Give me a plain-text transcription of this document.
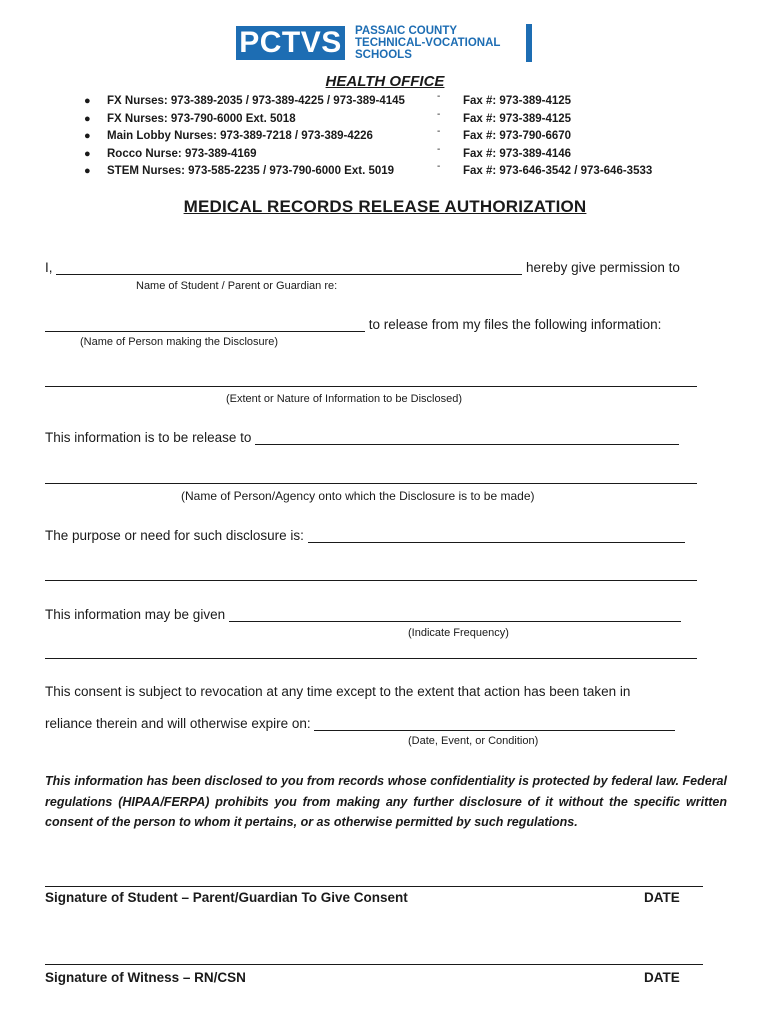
PCTVS PASSAIC COUNTY
TECHNICAL-VOCATIONAL
SCHOOLS
HEALTH OFFICE
● FX Nurses: 973-389-2035 / 973-389-4225 / 973-389-4145	- Fax #: 973-389-4125
● FX Nurses: 973-790-6000 Ext. 5018	- Fax #: 973-389-4125
● Main Lobby Nurses: 973-389-7218 / 973-389-4226	- Fax #: 973-790-6670
● Rocco Nurse: 973-389-4169	- Fax #: 973-389-4146
● STEM Nurses: 973-585-2235 / 973-790-6000 Ext. 5019	- Fax #: 973-646-3542 / 973-646-3533
MEDICAL RECORDS RELEASE AUTHORIZATION
I,	hereby give permission to
Name of Student / Parent or Guardian re:
to release from my files the following information:
(Name of Person making the Disclosure)
(Extent or Nature of Information to be Disclosed)
This information is to be release to
(Name of Person/Agency onto which the Disclosure is to be made)
The purpose or need for such disclosure is:
This information may be given
(Indicate Frequency)
This consent is subject to revocation at any time except to the extent that action has been taken in
reliance therein and will otherwise expire on:
(Date, Event, or Condition)
This information has been disclosed to you from records whose confidentiality is protected by federal law. Federal regulations (HIPAA/FERPA) prohibits you from making any further disclosure of it without the specific written consent of the person to whom it pertains, or as otherwise permitted by such regulations.
Signature of Student – Parent/Guardian To Give Consent	DATE
Signature of Witness – RN/CSN	DATE
